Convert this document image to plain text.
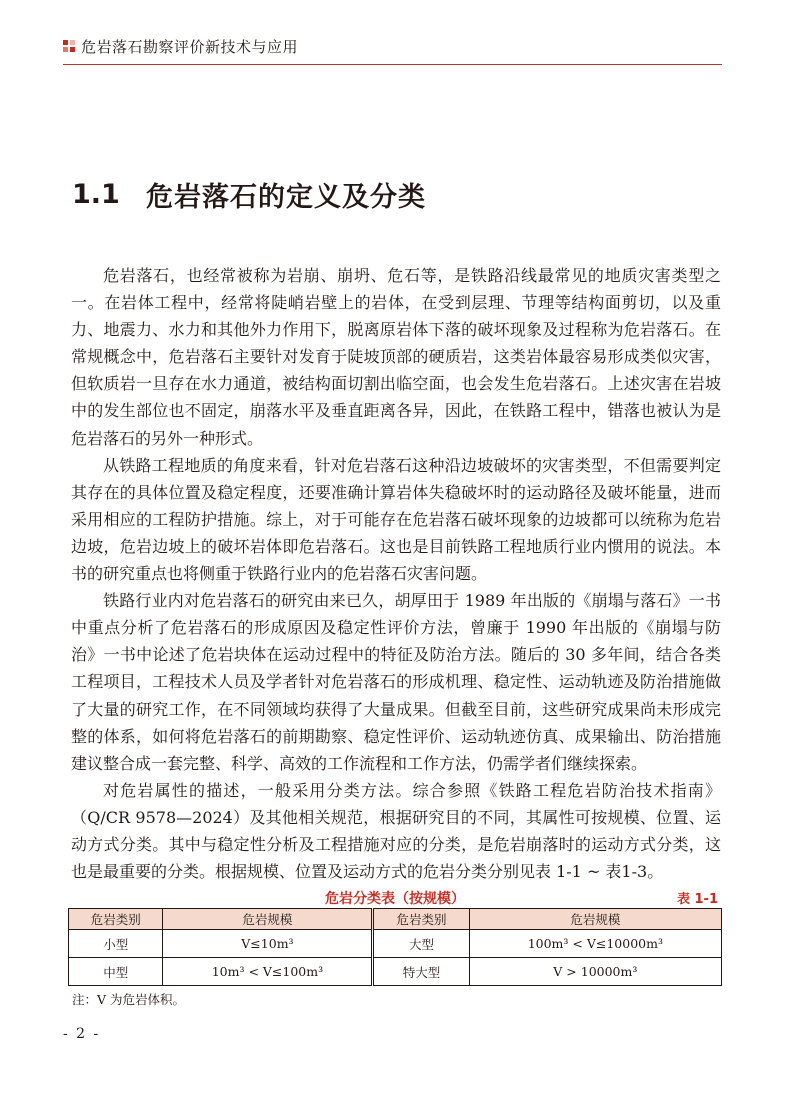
危岩落石勘察评价新技术与应用
1.1 危岩落石的定义及分类

危岩落石，也经常被称为岩崩、崩坍、危石等，是铁路沿线最常见的地质灾害类型之一。在岩体工程中，经常将陡峭岩壁上的岩体，在受到层理、节理等结构面剪切，以及重力、地震力、水力和其他外力作用下，脱离原岩体下落的破坏现象及过程称为危岩落石。在常规概念中，危岩落石主要针对发育于陡坡顶部的硬质岩，这类岩体最容易形成类似灾害，但软质岩一旦存在水力通道，被结构面切割出临空面，也会发生危岩落石。上述灾害在岩坡中的发生部位也不固定，崩落水平及垂直距离各异，因此，在铁路工程中，错落也被认为是危岩落石的另外一种形式。

从铁路工程地质的角度来看，针对危岩落石这种沿边坡破坏的灾害类型，不但需要判定其存在的具体位置及稳定程度，还要准确计算岩体失稳破坏时的运动路径及破坏能量，进而采用相应的工程防护措施。综上，对于可能存在危岩落石破坏现象的边坡都可以统称为危岩边坡，危岩边坡上的破坏岩体即危岩落石。这也是目前铁路工程地质行业内惯用的说法。本书的研究重点也将侧重于铁路行业内的危岩落石灾害问题。

铁路行业内对危岩落石的研究由来已久，胡厚田于 1989 年出版的《崩塌与落石》一书中重点分析了危岩落石的形成原因及稳定性评价方法，曾廉于 1990 年出版的《崩塌与防治》一书中论述了危岩块体在运动过程中的特征及防治方法。随后的 30 多年间，结合各类工程项目，工程技术人员及学者针对危岩落石的形成机理、稳定性、运动轨迹及防治措施做了大量的研究工作，在不同领域均获得了大量成果。但截至目前，这些研究成果尚未形成完整的体系，如何将危岩落石的前期勘察、稳定性评价、运动轨迹仿真、成果输出、防治措施建议整合成一套完整、科学、高效的工作流程和工作方法，仍需学者们继续探索。

对危岩属性的描述，一般采用分类方法。综合参照《铁路工程危岩防治技术指南》（Q/CR 9578—2024）及其他相关规范，根据研究目的不同，其属性可按规模、位置、运动方式分类。其中与稳定性分析及工程措施对应的分类，是危岩崩落时的运动方式分类，这也是最重要的分类。根据规模、位置及运动方式的危岩分类分别见表 1-1 ~ 表1-3。

危岩分类表（按规模）	表 1-1
危岩类别	危岩规模	危岩类别	危岩规模
小型	V≤10m³	大型	100m³ < V≤10000m³
中型	10m³ < V≤100m³	特大型	V > 10000m³
注：V 为危岩体积。
- 2 -
